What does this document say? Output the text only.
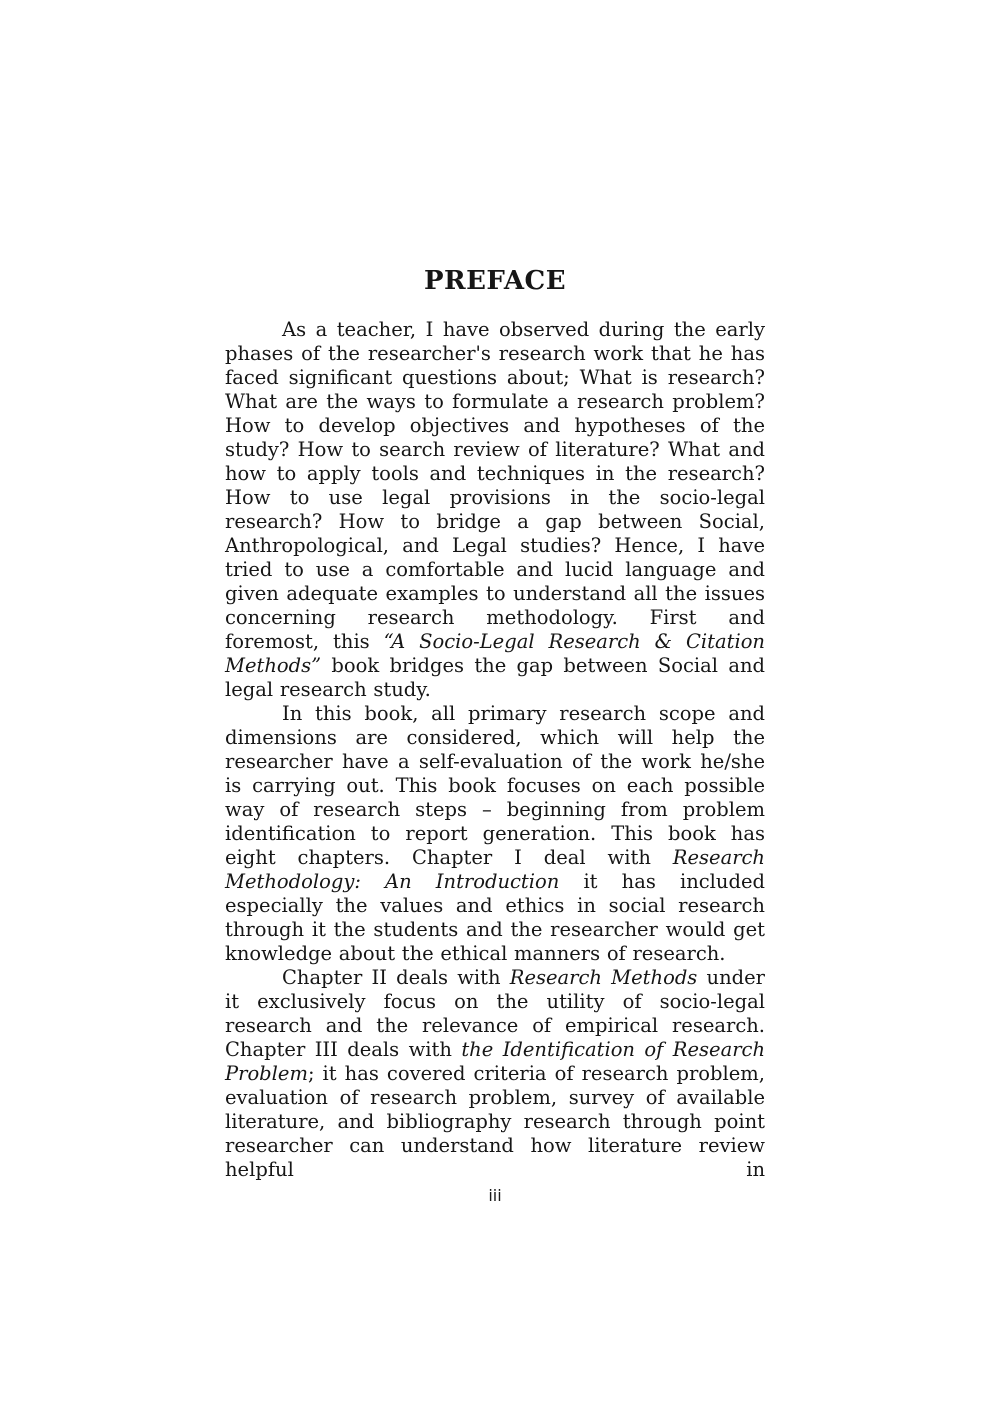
PREFACE

As a teacher, I have observed during the early phases of the researcher's research work that he has faced significant questions about; What is research? What are the ways to formulate a research problem? How to develop objectives and hypotheses of the study? How to search review of literature? What and how to apply tools and techniques in the research? How to use legal provisions in the socio-legal research? How to bridge a gap between Social, Anthropological, and Legal studies? Hence, I have tried to use a comfortable and lucid language and given adequate examples to understand all the issues concerning research methodology. First and foremost, this “A Socio-Legal Research & Citation Methods” book bridges the gap between Social and legal research study.

In this book, all primary research scope and dimensions are considered, which will help the researcher have a self-evaluation of the work he/she is carrying out. This book focuses on each possible way of research steps – beginning from problem identification to report generation. This book has eight chapters. Chapter I deal with Research Methodology: An Introduction it has included especially the values and ethics in social research through it the students and the researcher would get knowledge about the ethical manners of research.

Chapter II deals with Research Methods under it exclusively focus on the utility of socio-legal research and the relevance of empirical research. Chapter III deals with the Identification of Research Problem; it has covered criteria of research problem, evaluation of research problem, survey of available literature, and bibliography research through point researcher can understand how literature review helpful in

iii
